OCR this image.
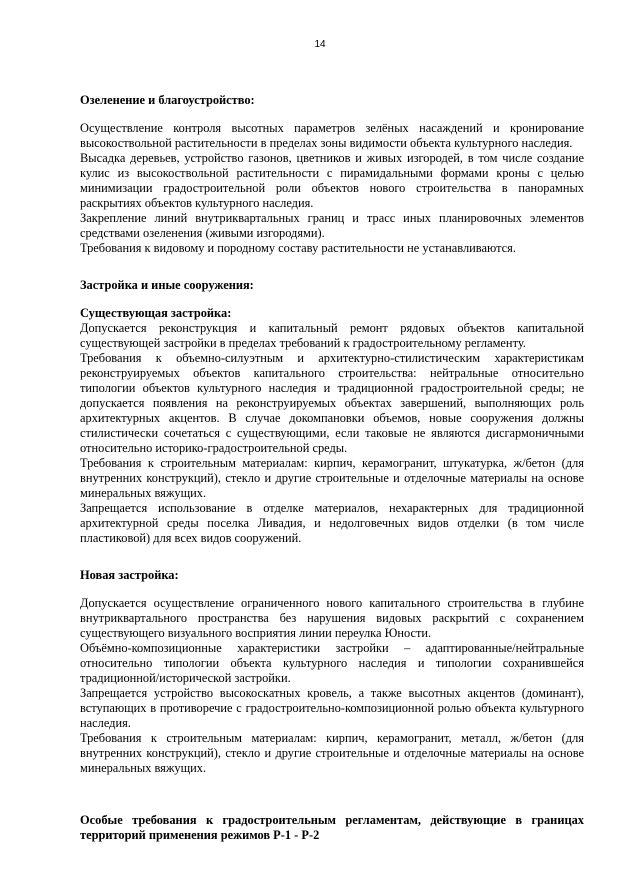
14

Озеленение и благоустройство:

Осуществление контроля высотных параметров зелёных насаждений и кронирование высокоствольной растительности в пределах зоны видимости объекта культурного наследия.

Высадка деревьев, устройство газонов, цветников и живых изгородей, в том числе создание кулис из высокоствольной растительности с пирамидальными формами кроны с целью минимизации градостроительной роли объектов нового строительства в панорамных раскрытиях объектов культурного наследия.

Закрепление линий внутриквартальных границ и трасс иных планировочных элементов средствами озеленения (живыми изгородями).

Требования к видовому и породному составу растительности не устанавливаются.

Застройка и иные сооружения:

Существующая застройка:

Допускается реконструкция и капитальный ремонт рядовых объектов капитальной существующей застройки в пределах требований к градостроительному регламенту.

Требования к объемно-силуэтным и архитектурно-стилистическим характеристикам реконструируемых объектов капитального строительства: нейтральные относительно типологии объектов культурного наследия и традиционной градостроительной среды; не допускается появления на реконструируемых объектах завершений, выполняющих роль архитектурных акцентов. В случае докомпановки объемов, новые сооружения должны стилистически сочетаться с существующими, если таковые не являются дисгармоничными относительно историко-градостроительной среды.

Требования к строительным материалам: кирпич, керамогранит, штукатурка, ж/бетон (для внутренних конструкций), стекло и другие строительные и отделочные материалы на основе минеральных вяжущих.

Запрещается использование в отделке материалов, нехарактерных для традиционной архитектурной среды поселка Ливадия, и недолговечных видов отделки (в том числе пластиковой) для всех видов сооружений.

Новая застройка:

Допускается осуществление ограниченного нового капитального строительства в глубине внутриквартального пространства без нарушения видовых раскрытий с сохранением существующего визуального восприятия линии переулка Юности.

Объёмно-композиционные характеристики застройки – адаптированные/нейтральные относительно типологии объекта культурного наследия и типологии сохранившейся традиционной/исторической застройки.

Запрещается устройство высокоскатных кровель, а также высотных акцентов (доминант), вступающих в противоречие с градостроительно-композиционной ролью объекта культурного наследия.

Требования к строительным материалам: кирпич, керамогранит, металл, ж/бетон (для внутренних конструкций), стекло и другие строительные и отделочные материалы на основе минеральных вяжущих.

Особые требования к градостроительным регламентам, действующие в границах территорий применения режимов Р-1 - Р-2
